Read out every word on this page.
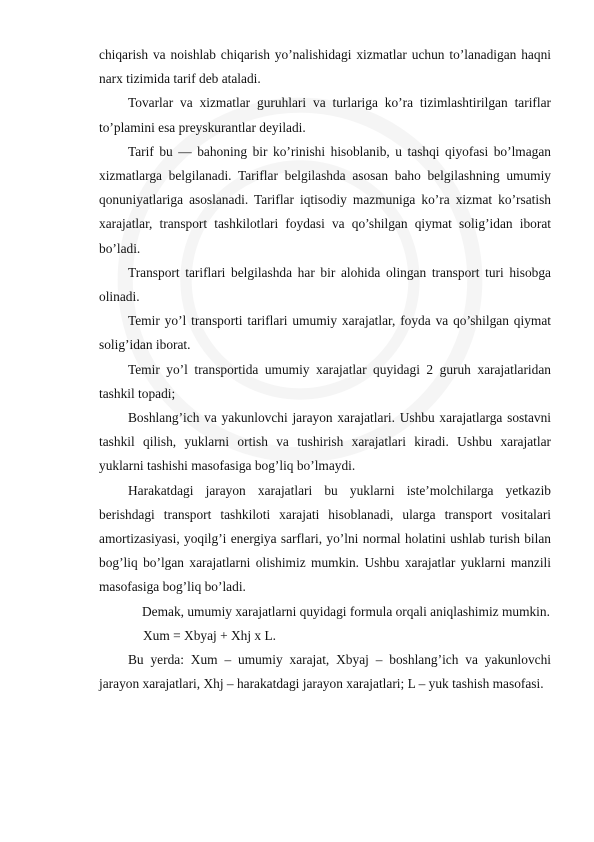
chiqarish va noishlab chiqarish yo’nalishidagi xizmatlar uchun to’lanadigan haqni narx tizimida tarif deb ataladi.

Tovarlar va xizmatlar guruhlari va turlariga ko’ra tizimlashtirilgan tariflar to’plamini esa preyskurantlar deyiladi.

Tarif bu — bahoning bir ko’rinishi hisoblanib, u tashqi qiyofasi bo’lmagan xizmatlarga belgilanadi. Tariflar belgilashda asosan baho belgilashning umumiy qonuniyatlariga asoslanadi. Tariflar iqtisodiy mazmuniga ko’ra xizmat ko’rsatish xarajatlar, transport tashkilotlari foydasi va qo’shilgan qiymat solig’idan iborat bo’ladi.

Transport tariflari belgilashda har bir alohida olingan transport turi hisobga olinadi.

Temir yo’l transporti tariflari umumiy xarajatlar, foyda va qo’shilgan qiymat solig’idan iborat.

Temir yo’l transportida umumiy xarajatlar quyidagi 2 guruh xarajatlaridan tashkil topadi;

Boshlang’ich va yakunlovchi jarayon xarajatlari. Ushbu xarajatlarga sostavni tashkil qilish, yuklarni ortish va tushirish xarajatlari kiradi. Ushbu xarajatlar yuklarni tashishi masofasiga bog’liq bo’lmaydi.

Harakatdagi jarayon xarajatlari bu yuklarni iste’molchilarga yetkazib berishdagi transport tashkiloti xarajati hisoblanadi, ularga transport vositalari amortizasiyasi, yoqilg’i energiya sarflari, yo’lni normal holatini ushlab turish bilan bog’liq bo’lgan xarajatlarni olishimiz mumkin. Ushbu xarajatlar yuklarni manzili masofasiga bog’liq bo’ladi.

Demak, umumiy xarajatlarni quyidagi formula orqali aniqlashimiz mumkin.

Xum = Xbyaj + Xhj x L.

Bu yerda: Xum – umumiy xarajat, Xbyaj – boshlang’ich va yakunlovchi jarayon xarajatlari, Xhj – harakatdagi jarayon xarajatlari; L – yuk tashish masofasi.
